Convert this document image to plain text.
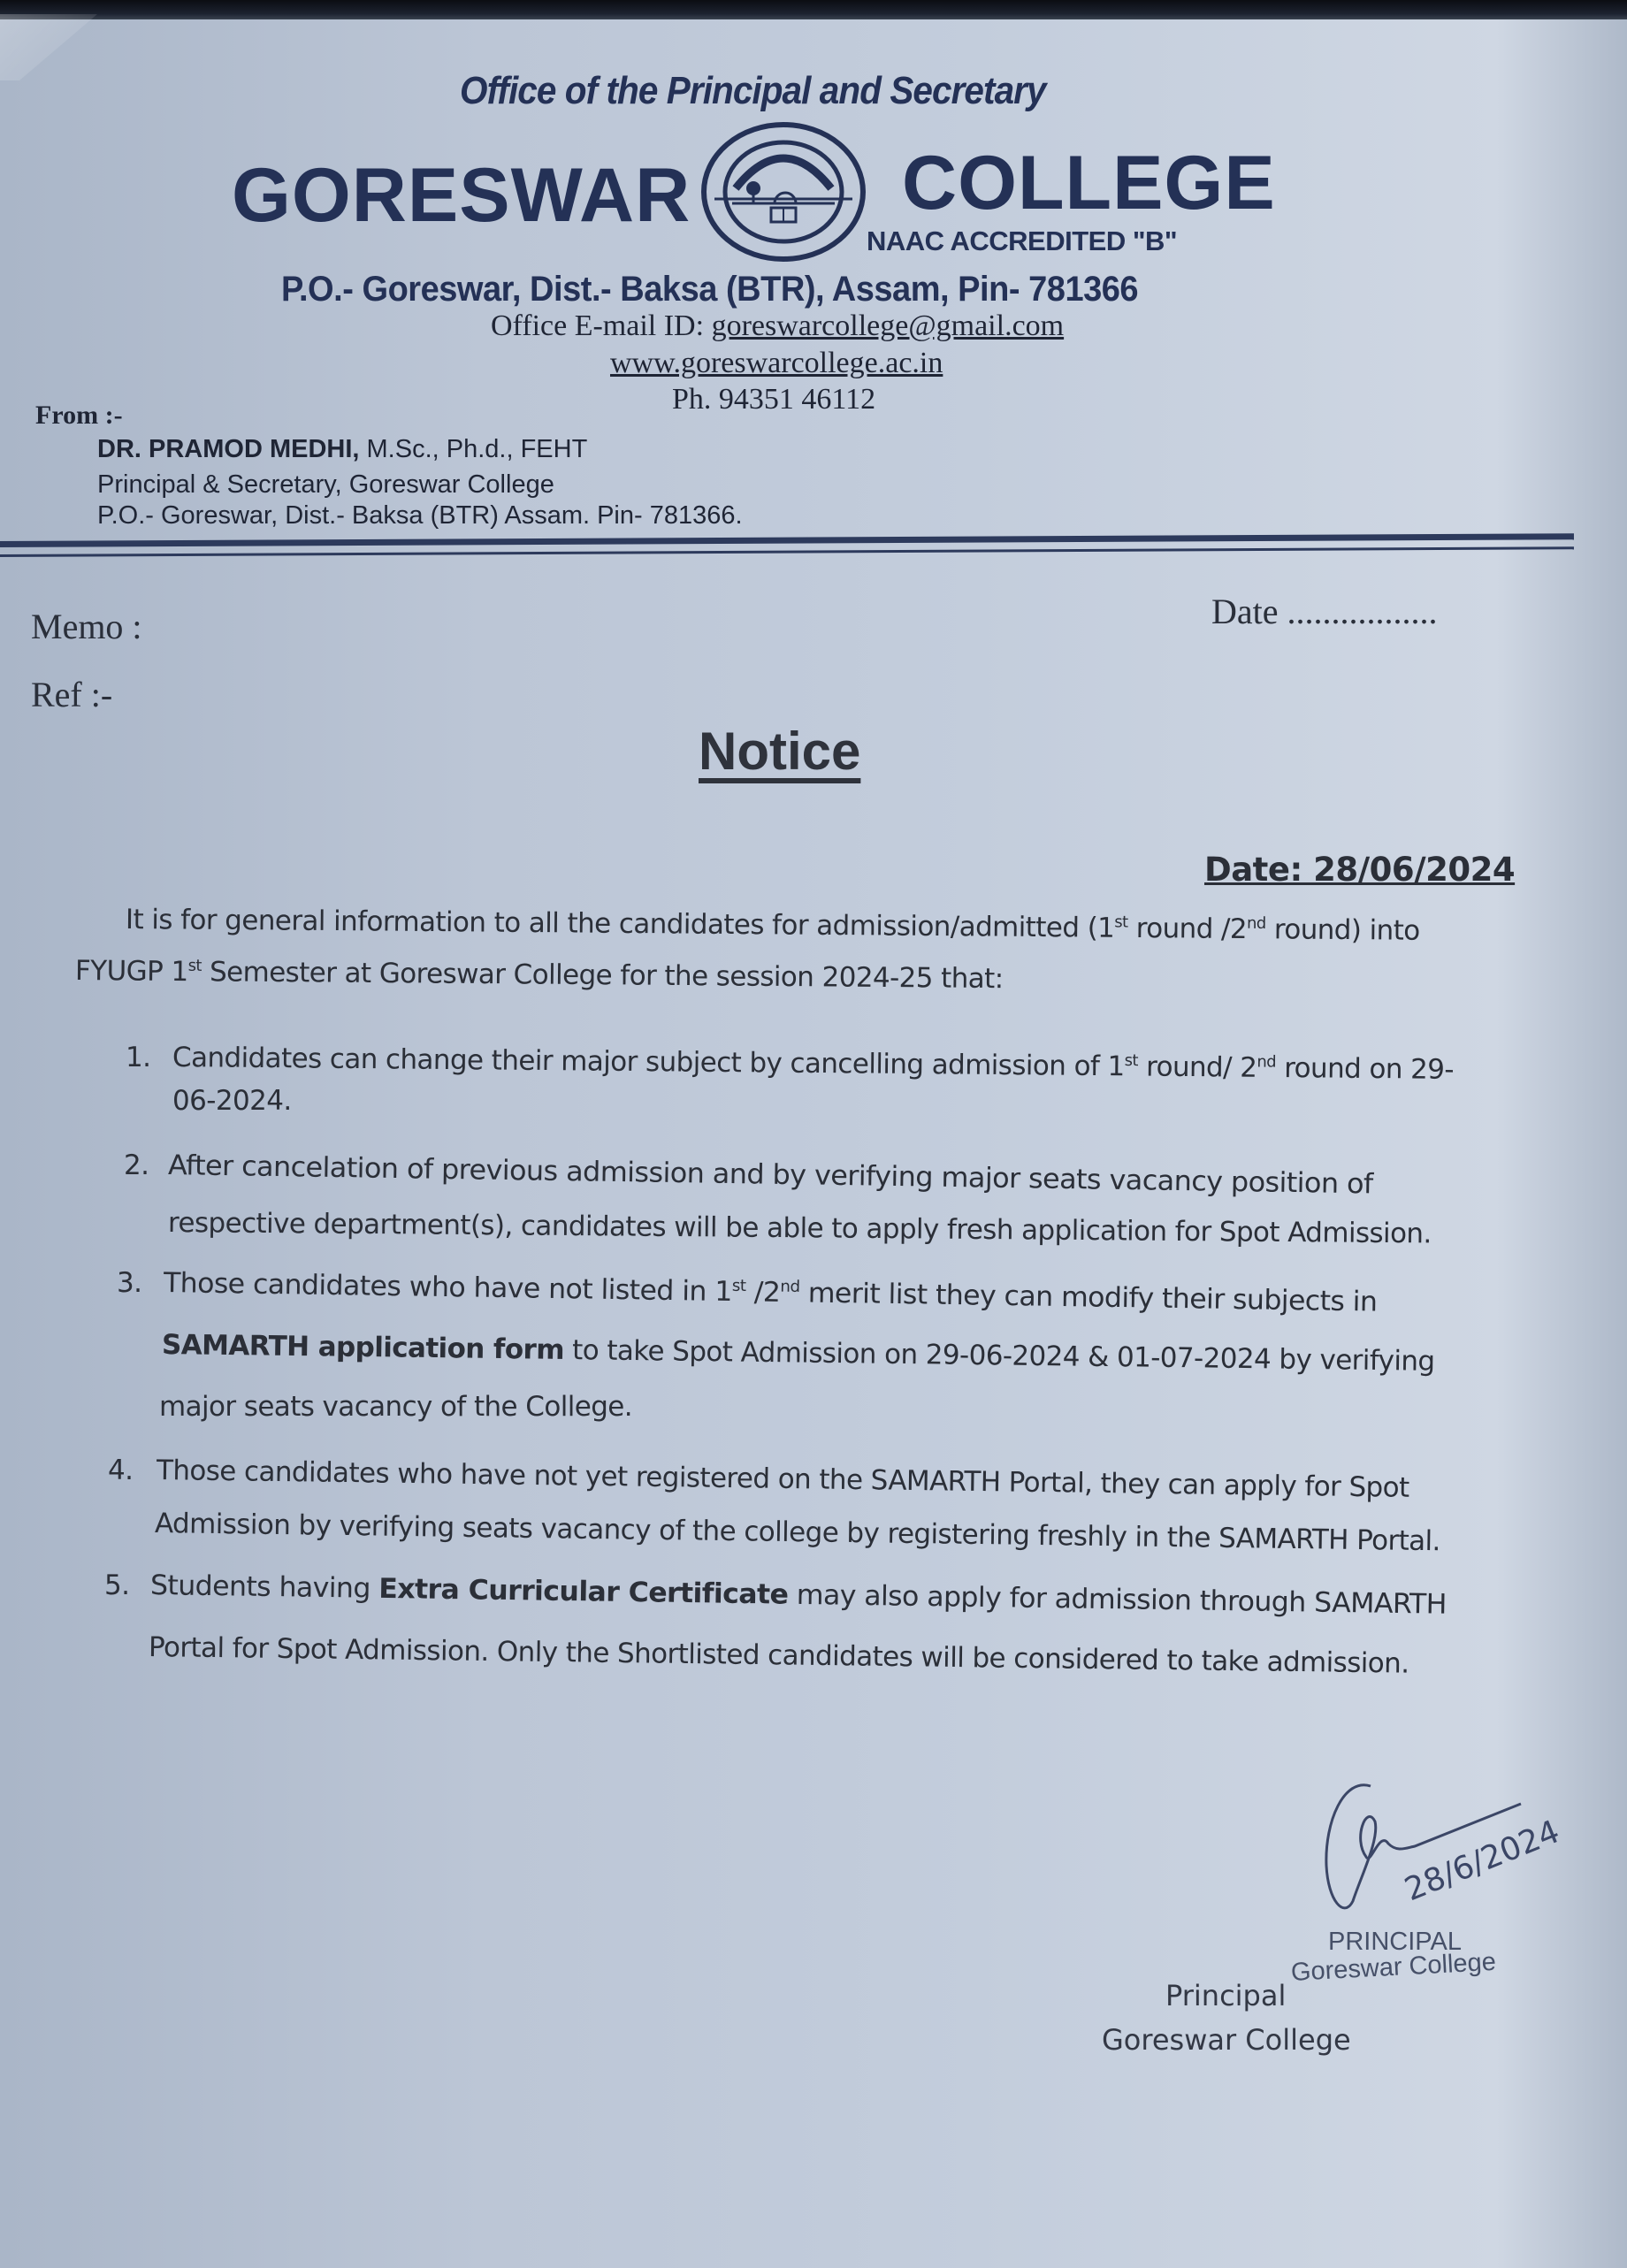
Office of the Principal and Secretary
GORESWAR	COLLEGE
NAAC ACCREDITED "B"
P.O.- Goreswar, Dist.- Baksa (BTR), Assam, Pin- 781366
Office E-mail ID: goreswarcollege@gmail.com
www.goreswarcollege.ac.in
Ph. 94351 46112
From :-
DR. PRAMOD MEDHI, M.Sc., Ph.d., FEHT
Principal & Secretary, Goreswar College
P.O.- Goreswar, Dist.- Baksa (BTR) Assam. Pin- 781366.
Memo :	Date .................
Ref :-
Notice
Date: 28/06/2024
It is for general information to all the candidates for admission/admitted (1st round /2nd round) into
FYUGP 1st Semester at Goreswar College for the session 2024-25 that:
1. Candidates can change their major subject by cancelling admission of 1st round/ 2nd round on 29-
06-2024.
2. After cancelation of previous admission and by verifying major seats vacancy position of
respective department(s), candidates will be able to apply fresh application for Spot Admission.
3. Those candidates who have not listed in 1st /2nd merit list they can modify their subjects in
SAMARTH application form to take Spot Admission on 29-06-2024 & 01-07-2024 by verifying
major seats vacancy of the College.
4. Those candidates who have not yet registered on the SAMARTH Portal, they can apply for Spot
Admission by verifying seats vacancy of the college by registering freshly in the SAMARTH Portal.
5. Students having Extra Curricular Certificate may also apply for admission through SAMARTH
Portal for Spot Admission. Only the Shortlisted candidates will be considered to take admission.
28/6/2024
PRINCIPAL
Goreswar College
Principal
Goreswar College
